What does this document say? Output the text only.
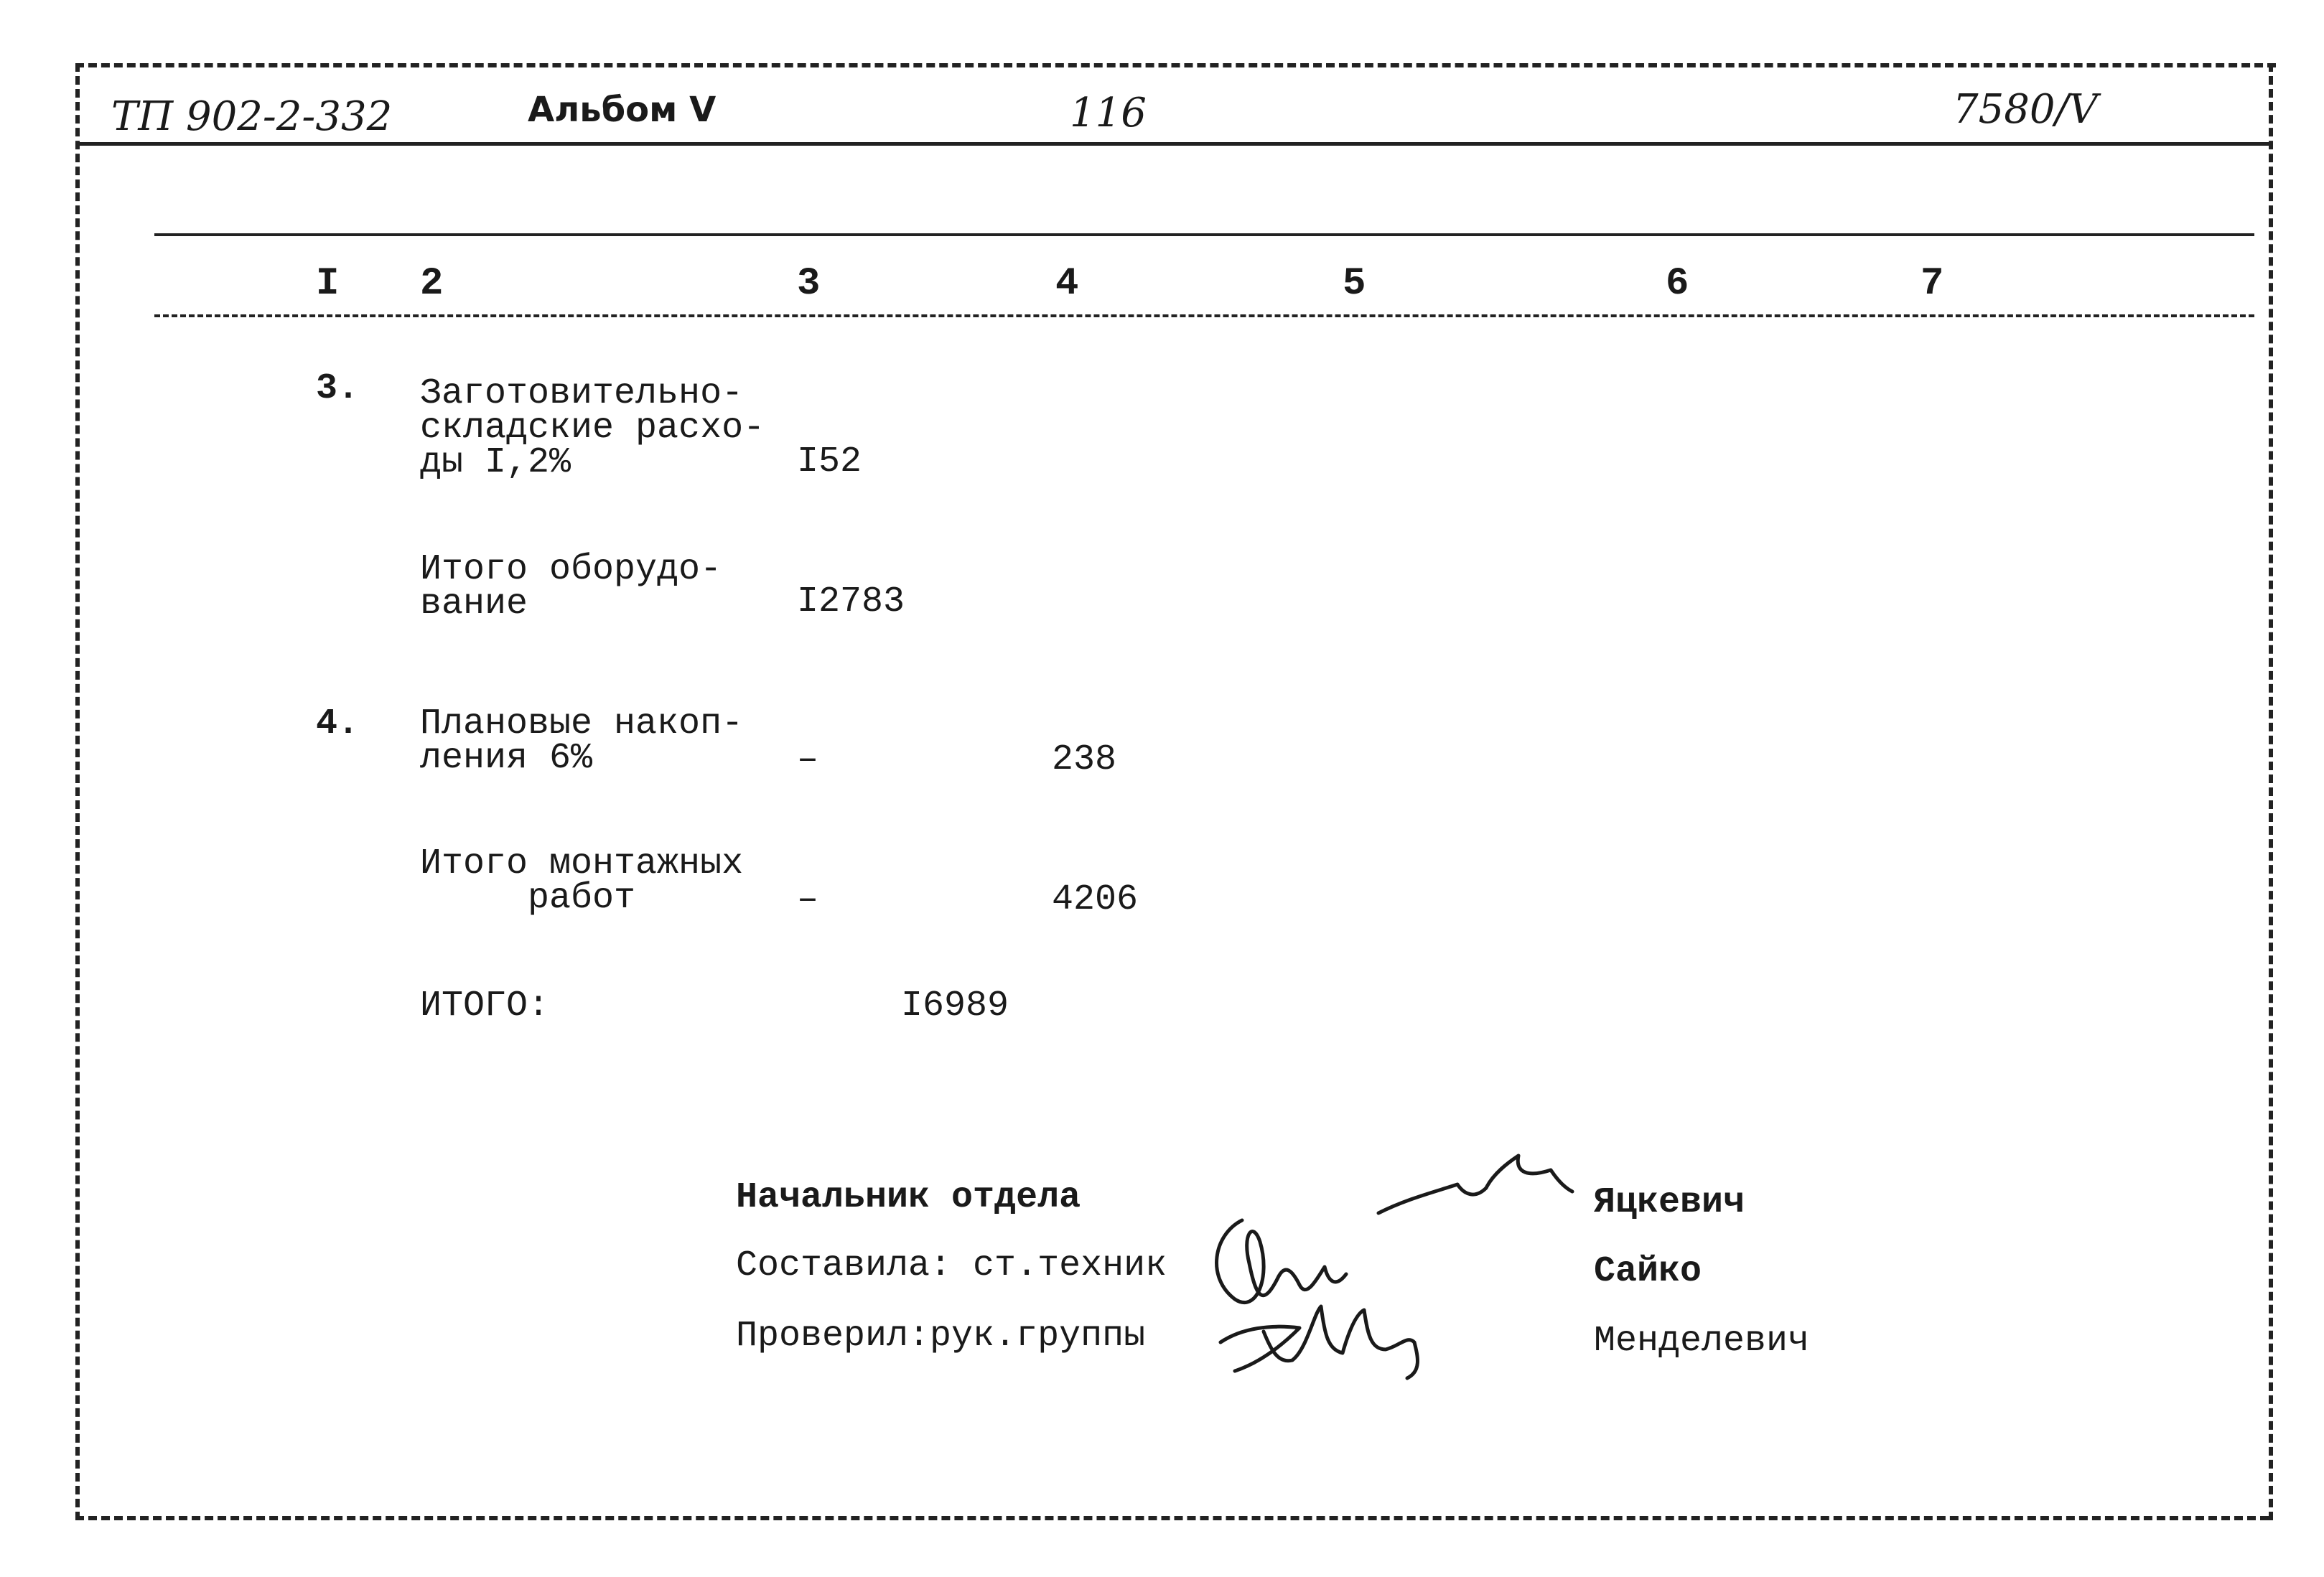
ТП 902-2-332	Альбом V	116	7580/V
I 2	3	4	5	6	7
3. Заготовительно-
складские расхо-
ды I,2%	I52
Итого оборудо-
вание	I2783
4. Плановые накоп-
ления 6%	–	238
Итого монтажных
работ	–	4206
ИТОГО:	I6989
Начальник отдела
Составила: ст.техник
Проверил:рук.группы
Яцкевич
Сайко
Менделевич
